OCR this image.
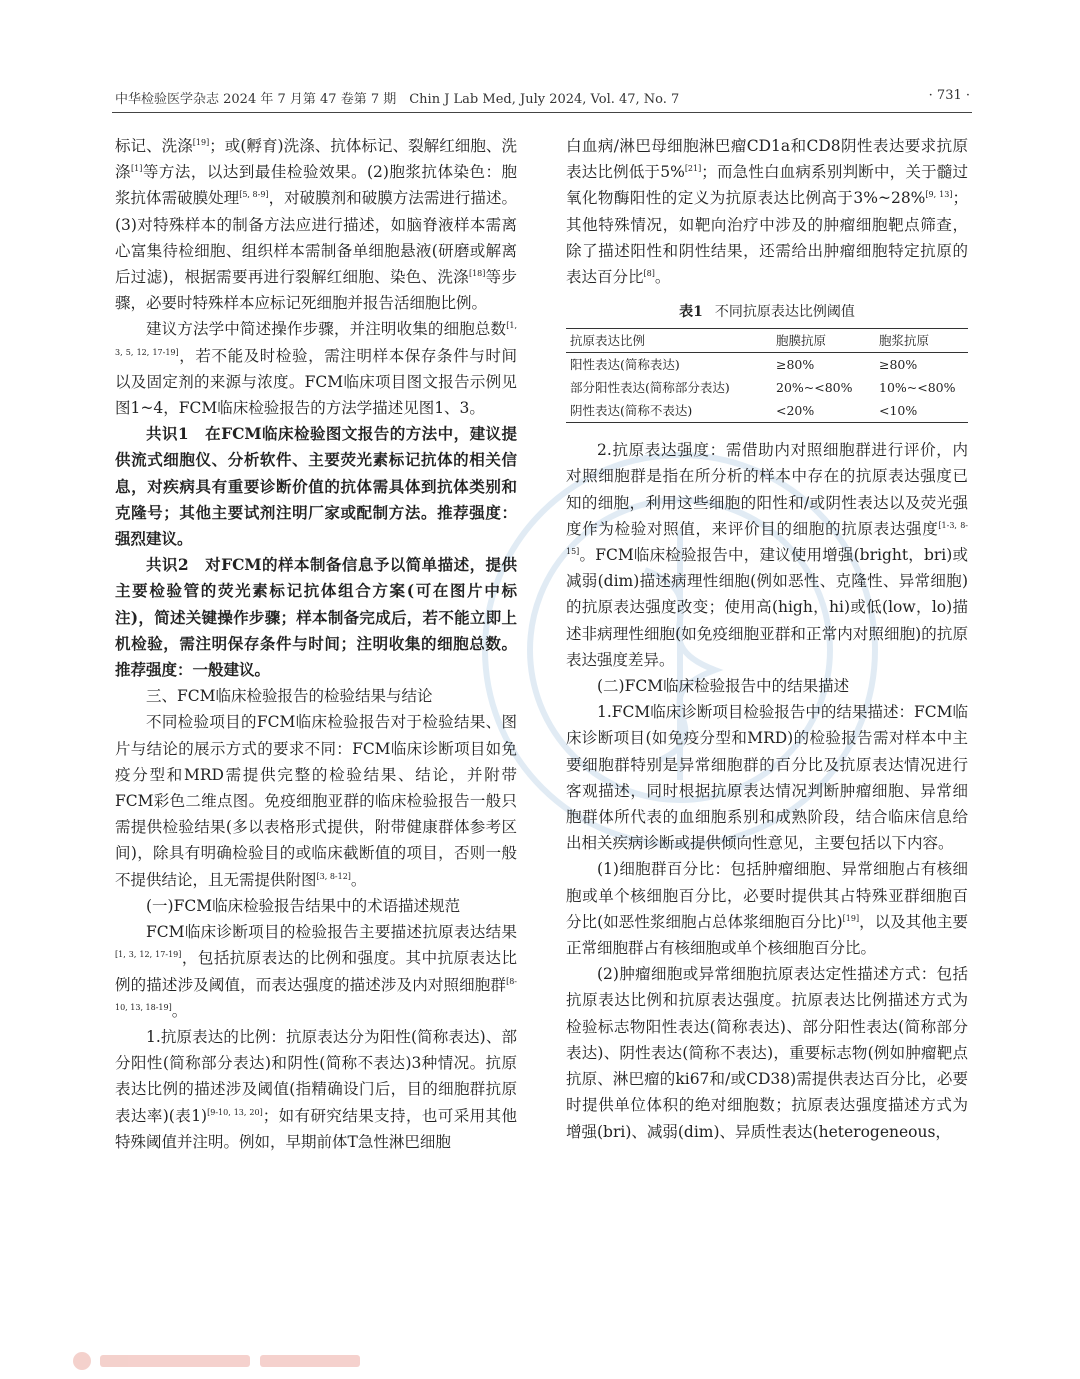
中华检验医学杂志 2024 年 7 月第 47 卷第 7 期　Chin J Lab Med, July 2024, Vol. 47, No. 7	· 731 ·

标记、洗涤[19]；或(孵育)洗涤、抗体标记、裂解红细胞、洗涤[1]等方法，以达到最佳检验效果。(2)胞浆抗体染色：胞浆抗体需破膜处理[5, 8-9]，对破膜剂和破膜方法需进行描述。(3)对特殊样本的制备方法应进行描述，如脑脊液样本需离心富集待检细胞、组织样本需制备单细胞悬液(研磨或解离后过滤)，根据需要再进行裂解红细胞、染色、洗涤[18]等步骤，必要时特殊样本应标记死细胞并报告活细胞比例。

建议方法学中简述操作步骤，并注明收集的细胞总数[1, 3, 5, 12, 17-19]，若不能及时检验，需注明样本保存条件与时间以及固定剂的来源与浓度。FCM临床项目图文报告示例见图1~4，FCM临床检验报告的方法学描述见图1、3。

共识1　在FCM临床检验图文报告的方法中，建议提供流式细胞仪、分析软件、主要荧光素标记抗体的相关信息，对疾病具有重要诊断价值的抗体需具体到抗体类别和克隆号；其他主要试剂注明厂家或配制方法。推荐强度：强烈建议。

共识2　对FCM的样本制备信息予以简单描述，提供主要检验管的荧光素标记抗体组合方案(可在图片中标注)，简述关键操作步骤；样本制备完成后，若不能立即上机检验，需注明保存条件与时间；注明收集的细胞总数。推荐强度：一般建议。

三、FCM临床检验报告的检验结果与结论

不同检验项目的FCM临床检验报告对于检验结果、图片与结论的展示方式的要求不同：FCM临床诊断项目如免疫分型和MRD需提供完整的检验结果、结论，并附带FCM彩色二维点图。免疫细胞亚群的临床检验报告一般只需提供检验结果(多以表格形式提供，附带健康群体参考区间)，除具有明确检验目的或临床截断值的项目，否则一般不提供结论，且无需提供附图[3, 8-12]。

(一)FCM临床检验报告结果中的术语描述规范

FCM临床诊断项目的检验报告主要描述抗原表达结果[1, 3, 12, 17-19]，包括抗原表达的比例和强度。其中抗原表达比例的描述涉及阈值，而表达强度的描述涉及内对照细胞群[8-10, 13, 18-19]。

1.抗原表达的比例：抗原表达分为阳性(简称表达)、部分阳性(简称部分表达)和阴性(简称不表达)3种情况。抗原表达比例的描述涉及阈值(指精确设门后，目的细胞群抗原表达率)(表1)[9-10, 13, 20]；如有研究结果支持，也可采用其他特殊阈值并注明。例如，早期前体T急性淋巴细胞

白血病/淋巴母细胞淋巴瘤CD1a和CD8阴性表达要求抗原表达比例低于5%[21]；而急性白血病系别判断中，关于髓过氧化物酶阳性的定义为抗原表达比例高于3%~28%[9, 13]；其他特殊情况，如靶向治疗中涉及的肿瘤细胞靶点筛查，除了描述阳性和阴性结果，还需给出肿瘤细胞特定抗原的表达百分比[8]。

表1 不同抗原表达比例阈值
抗原表达比例	胞膜抗原	胞浆抗原
阳性表达(简称表达)	≥80%	≥80%
部分阳性表达(简称部分表达)	20%~<80%	10%~<80%
阴性表达(简称不表达)	<20%	<10%

2.抗原表达强度：需借助内对照细胞群进行评价，内对照细胞群是指在所分析的样本中存在的抗原表达强度已知的细胞，利用这些细胞的阳性和/或阴性表达以及荧光强度作为检验对照值，来评价目的细胞的抗原表达强度[1-3, 8-15]。FCM临床检验报告中，建议使用增强(bright，bri)或减弱(dim)描述病理性细胞(例如恶性、克隆性、异常细胞)的抗原表达强度改变；使用高(high，hi)或低(low，lo)描述非病理性细胞(如免疫细胞亚群和正常内对照细胞)的抗原表达强度差异。

(二)FCM临床检验报告中的结果描述

1.FCM临床诊断项目检验报告中的结果描述：FCM临床诊断项目(如免疫分型和MRD)的检验报告需对样本中主要细胞群特别是异常细胞群的百分比及抗原表达情况进行客观描述，同时根据抗原表达情况判断肿瘤细胞、异常细胞群体所代表的血细胞系别和成熟阶段，结合临床信息给出相关疾病诊断或提供倾向性意见，主要包括以下内容。

(1)细胞群百分比：包括肿瘤细胞、异常细胞占有核细胞或单个核细胞百分比，必要时提供其占特殊亚群细胞百分比(如恶性浆细胞占总体浆细胞百分比)[19]，以及其他主要正常细胞群占有核细胞或单个核细胞百分比。

(2)肿瘤细胞或异常细胞抗原表达定性描述方式：包括抗原表达比例和抗原表达强度。抗原表达比例描述方式为检验标志物阳性表达(简称表达)、部分阳性表达(简称部分表达)、阴性表达(简称不表达)，重要标志物(例如肿瘤靶点抗原、淋巴瘤的ki67和/或CD38)需提供表达百分比，必要时提供单位体积的绝对细胞数；抗原表达强度描述方式为增强(bri)、减弱(dim)、异质性表达(heterogeneous，
